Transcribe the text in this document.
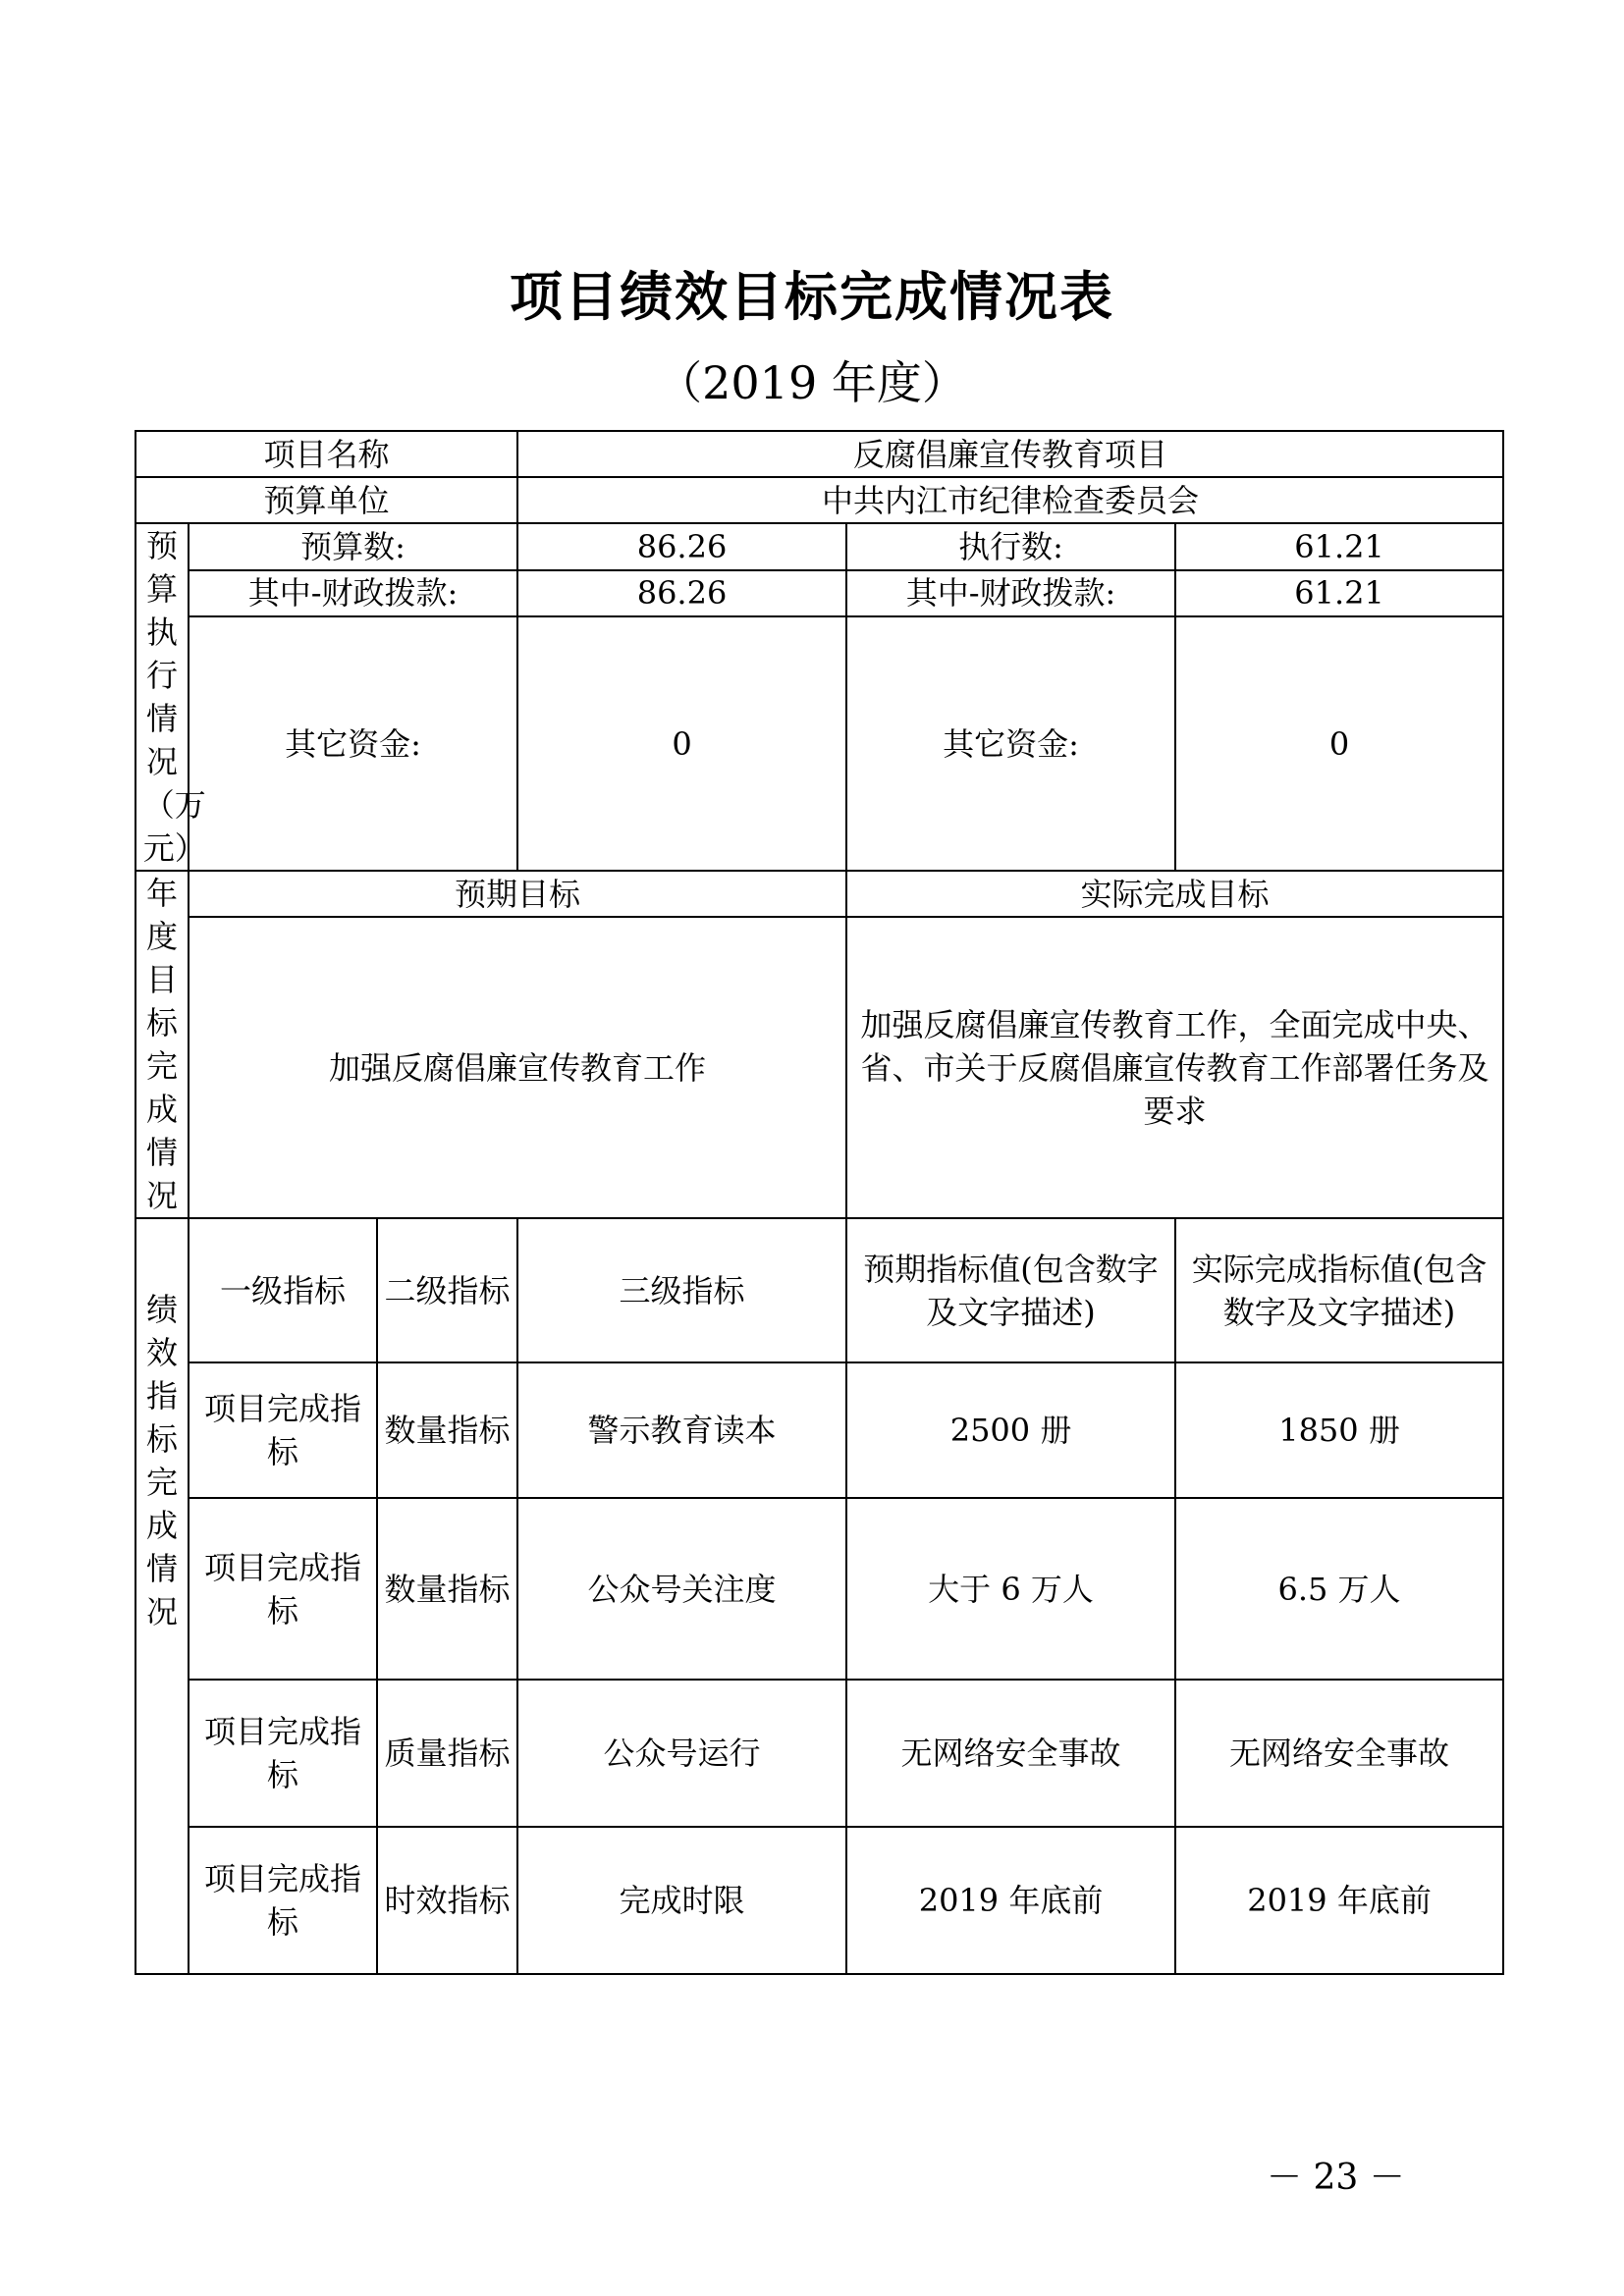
项目绩效目标完成情况表
（2019 年度）
项目名称			反腐倡廉宣传教育项目		
预算单位			中共内江市纪律检查委员会		
预算执行情况（万元）	预算数:		86.26	执行数:	61.21
	其中-财政拨款:		86.26	其中-财政拨款:	61.21
	其它资金:		0	其它资金:	0
年度目标完成情况	预期目标			实际完成目标	
	加强反腐倡廉宣传教育工作			加强反腐倡廉宣传教育工作，全面完成中央、省、市关于反腐倡廉宣传教育工作部署任务及要求	
绩效指标完成情况	一级指标	二级指标	三级指标	预期指标值(包含数字及文字描述)	实际完成指标值(包含数字及文字描述)
	项目完成指标	数量指标	警示教育读本	2500 册	1850 册
	项目完成指标	数量指标	公众号关注度	大于 6 万人	6.5 万人
	项目完成指标	质量指标	公众号运行	无网络安全事故	无网络安全事故
	项目完成指标	时效指标	完成时限	2019 年底前	2019 年底前
－ 23 －
